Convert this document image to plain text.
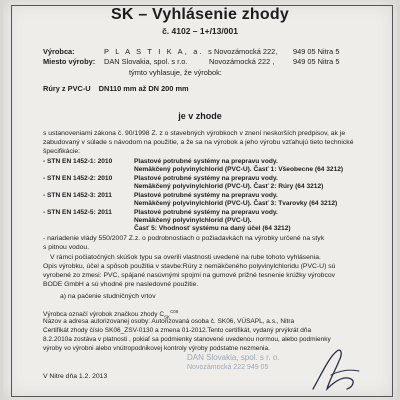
SK – Vyhlásenie zhody
č. 4102 – 1+/13/001
Výrobca:	P L A S T I K A, a. s.
Novozámocká 222, 949 05 Nitra 5
Miesto výroby: DAN Slovakia, spol. s r.o.	Novozámocká 222 ,	949 05 Nitra 5
týmto vyhlasuje, že výrobok:
Rúry z PVC-U DN110 mm až DN 200 mm
je v zhode
s ustanoveniami zákona č. 90/1998 Z. z o stavebných výrobkoch v znení neskorších predpisov, ak je
zabudovaný v súlade s návodom na použitie, a že sa na výrobok a jeho výrobu vzťahujú tieto technické
špecifikácie:
- STN EN 1452-1: 2010	Plastové potrubné systémy na prepravu vody.
Nemäkčený polyvinylchlorid (PVC-U). Časť 1: Všeobecne (64 3212)
- STN EN 1452-2: 2010	Plastové potrubné systémy na prepravu vody.
Nemäkčený polyvinylchlorid (PVC-U). Časť 2: Rúry (64 3212)
- STN EN 1452-3: 2011	Plastové potrubné systémy na prepravu vody.
Nemäkčený polyvinylchlorid (PVC-U). Časť 3: Tvarovky (64 3212)
- STN EN 1452-5: 2011	Plastové potrubné systémy na prepravu vody.
Nemäkčený polyvinylchlorid (PVC-U).
Časť 5: Vhodnosť systému na daný účel (64 3212)
- nariadenie vlády 550/2007 Z.z. o podrobnostiach o požiadavkách na výrobky určené na styk
s pitnou vodou.
V rámci počiatočných skúšok typu sa overili vlastnosti uvedené na rube tohoto vyhlásenia.
Opis výrobku, účel a spôsob použitia v stavbe:Rúry z nemäkčeného polyvinylchloridu (PVC-U) sú
vyrobené zo zmesi: PVC, spájané nasúvnými spojmi na gumové prižné tesnenie krúžky výrobcov
BODE GmbH a sú vhodné pre nasledovné použitie.
a) na pačenie studničných vrtov
Výrobca označí výrobok značkou zhody $C_{SK}^{C06}$
Názov a adresa autorizovanej osoby: Autorizovaná osoba č. SK06, VÚSAPL, a.s., Nitra
Certifikát zhody číslo SK06_ZSV-0130 a zmena 01-2012.Tento certifikát, vydaný prvýkrát dňa
8.2.2010a zostáva v platnosti , pokiaľ sa podmienky stanovené uvedenou normou, alebo podmienky
výroby vo výrobni alebo vnútropodnikovej kontroly výroby podstatne nezmenia.
V Nitre dňa 1.2. 2013
DAN Slovakia, spol. s r. o.
Novozámocká 222 949 05
